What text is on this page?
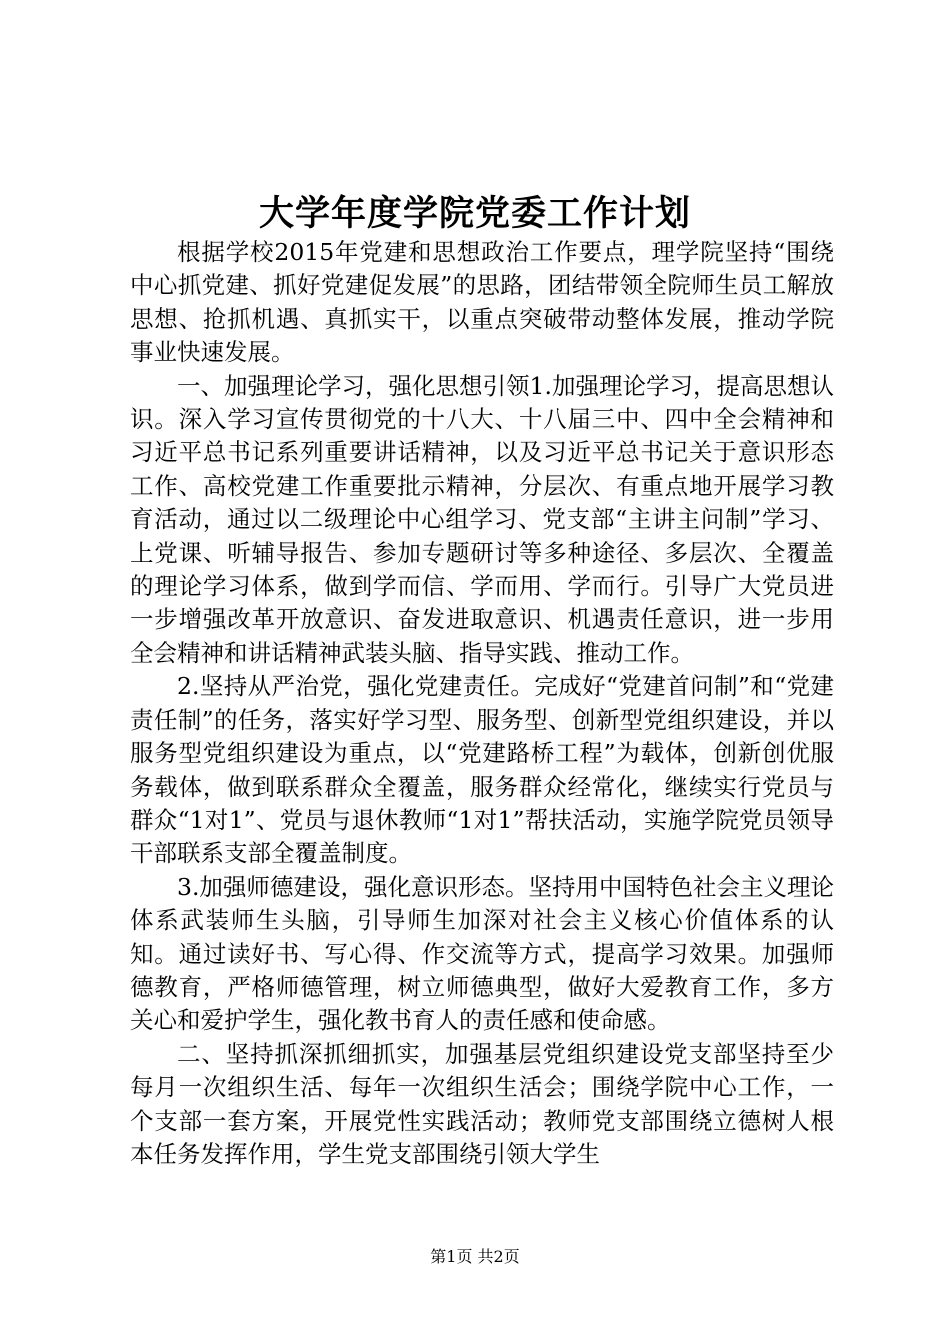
大学年度学院党委工作计划

根据学校2015年党建和思想政治工作要点，理学院坚持“围绕中心抓党建、抓好党建促发展”的思路，团结带领全院师生员工解放思想、抢抓机遇、真抓实干，以重点突破带动整体发展，推动学院事业快速发展。

一、加强理论学习，强化思想引领1.加强理论学习，提高思想认识。深入学习宣传贯彻党的十八大、十八届三中、四中全会精神和习近平总书记系列重要讲话精神，以及习近平总书记关于意识形态工作、高校党建工作重要批示精神，分层次、有重点地开展学习教育活动，通过以二级理论中心组学习、党支部“主讲主问制”学习、上党课、听辅导报告、参加专题研讨等多种途径、多层次、全覆盖的理论学习体系，做到学而信、学而用、学而行。引导广大党员进一步增强改革开放意识、奋发进取意识、机遇责任意识，进一步用全会精神和讲话精神武装头脑、指导实践、推动工作。

2.坚持从严治党，强化党建责任。完成好“党建首问制”和“党建责任制”的任务，落实好学习型、服务型、创新型党组织建设，并以服务型党组织建设为重点，以“党建路桥工程”为载体，创新创优服务载体，做到联系群众全覆盖，服务群众经常化，继续实行党员与群众“1对1”、党员与退休教师“1对1”帮扶活动，实施学院党员领导干部联系支部全覆盖制度。

3.加强师德建设，强化意识形态。坚持用中国特色社会主义理论体系武装师生头脑，引导师生加深对社会主义核心价值体系的认知。通过读好书、写心得、作交流等方式，提高学习效果。加强师德教育，严格师德管理，树立师德典型，做好大爱教育工作，多方关心和爱护学生，强化教书育人的责任感和使命感。

二、坚持抓深抓细抓实，加强基层党组织建设党支部坚持至少每月一次组织生活、每年一次组织生活会；围绕学院中心工作，一个支部一套方案，开展党性实践活动；教师党支部围绕立德树人根本任务发挥作用，学生党支部围绕引领大学生

第1页 共2页
